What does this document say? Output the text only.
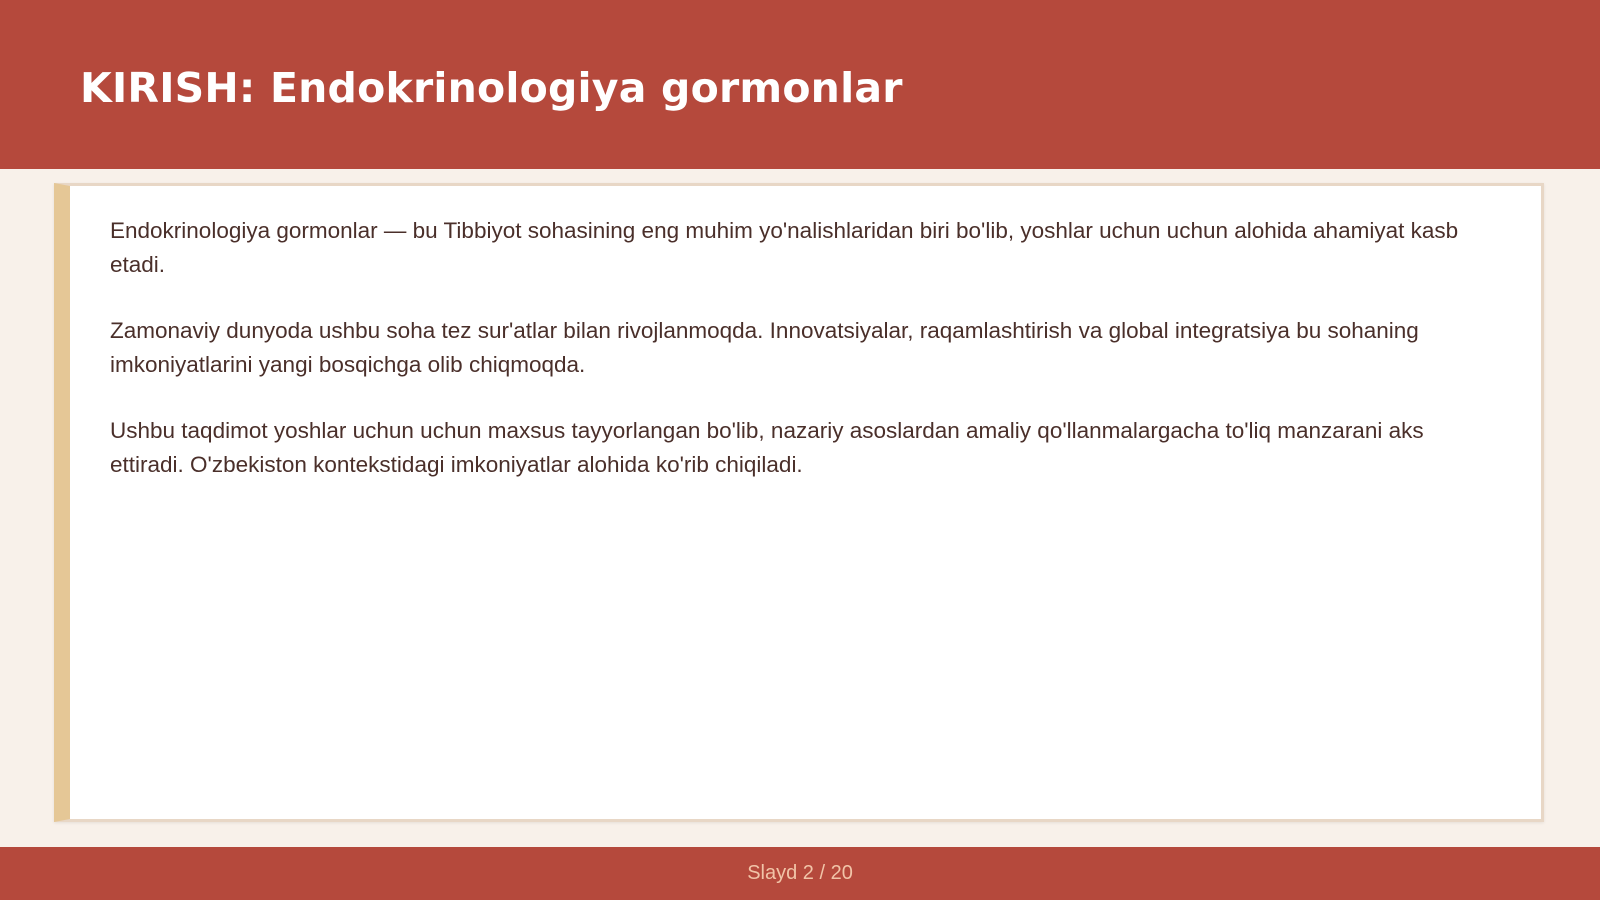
KIRISH: Endokrinologiya gormonlar

Endokrinologiya gormonlar — bu Tibbiyot sohasining eng muhim yo'nalishlaridan biri bo'lib, yoshlar uchun uchun alohida ahamiyat kasb etadi.

Zamonaviy dunyoda ushbu soha tez sur'atlar bilan rivojlanmoqda. Innovatsiyalar, raqamlashtirish va global integratsiya bu sohaning imkoniyatlarini yangi bosqichga olib chiqmoqda.

Ushbu taqdimot yoshlar uchun uchun maxsus tayyorlangan bo'lib, nazariy asoslardan amaliy qo'llanmalargacha to'liq manzarani aks ettiradi. O'zbekiston kontekstidagi imkoniyatlar alohida ko'rib chiqiladi.

Slayd 2 / 20
